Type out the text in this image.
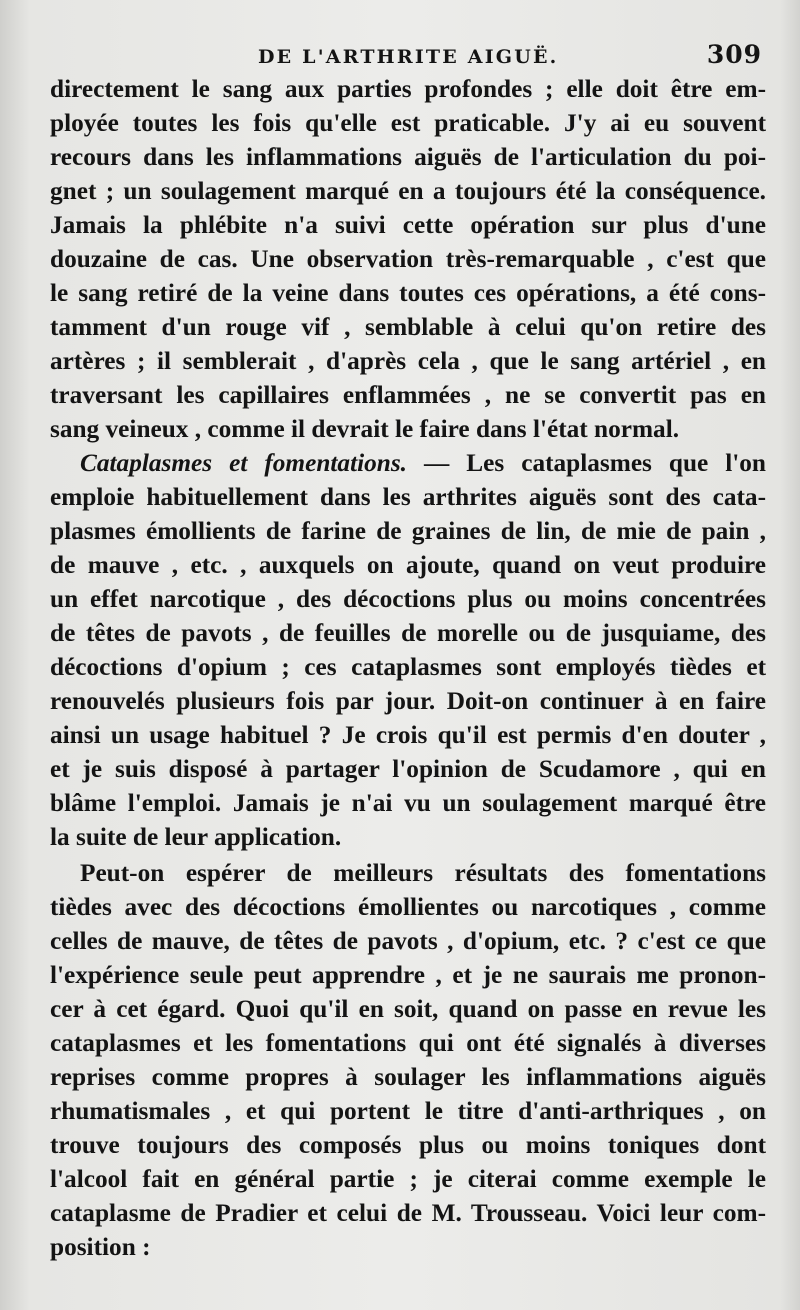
DE L'ARTHRITE AIGUË.	309
directement le sang aux parties profondes ; elle doit être em-
ployée toutes les fois qu'elle est praticable. J'y ai eu souvent
recours dans les inflammations aiguës de l'articulation du poi-
gnet ; un soulagement marqué en a toujours été la conséquence.
Jamais la phlébite n'a suivi cette opération sur plus d'une
douzaine de cas. Une observation très-remarquable , c'est que
le sang retiré de la veine dans toutes ces opérations, a été cons-
tamment d'un rouge vif , semblable à celui qu'on retire des
artères ; il semblerait , d'après cela , que le sang artériel , en
traversant les capillaires enflammées , ne se convertit pas en
sang veineux , comme il devrait le faire dans l'état normal.
Cataplasmes et fomentations. — Les cataplasmes que l'on
emploie habituellement dans les arthrites aiguës sont des cata-
plasmes émollients de farine de graines de lin, de mie de pain ,
de mauve , etc. , auxquels on ajoute, quand on veut produire
un effet narcotique , des décoctions plus ou moins concentrées
de têtes de pavots , de feuilles de morelle ou de jusquiame, des
décoctions d'opium ; ces cataplasmes sont employés tièdes et
renouvelés plusieurs fois par jour. Doit-on continuer à en faire
ainsi un usage habituel ? Je crois qu'il est permis d'en douter ,
et je suis disposé à partager l'opinion de Scudamore , qui en
blâme l'emploi. Jamais je n'ai vu un soulagement marqué être
la suite de leur application.
Peut-on espérer de meilleurs résultats des fomentations
tièdes avec des décoctions émollientes ou narcotiques , comme
celles de mauve, de têtes de pavots , d'opium, etc. ? c'est ce que
l'expérience seule peut apprendre , et je ne saurais me pronon-
cer à cet égard. Quoi qu'il en soit, quand on passe en revue les
cataplasmes et les fomentations qui ont été signalés à diverses
reprises comme propres à soulager les inflammations aiguës
rhumatismales , et qui portent le titre d'anti-arthriques , on
trouve toujours des composés plus ou moins toniques dont
l'alcool fait en général partie ; je citerai comme exemple le
cataplasme de Pradier et celui de M. Trousseau. Voici leur com-
position :
